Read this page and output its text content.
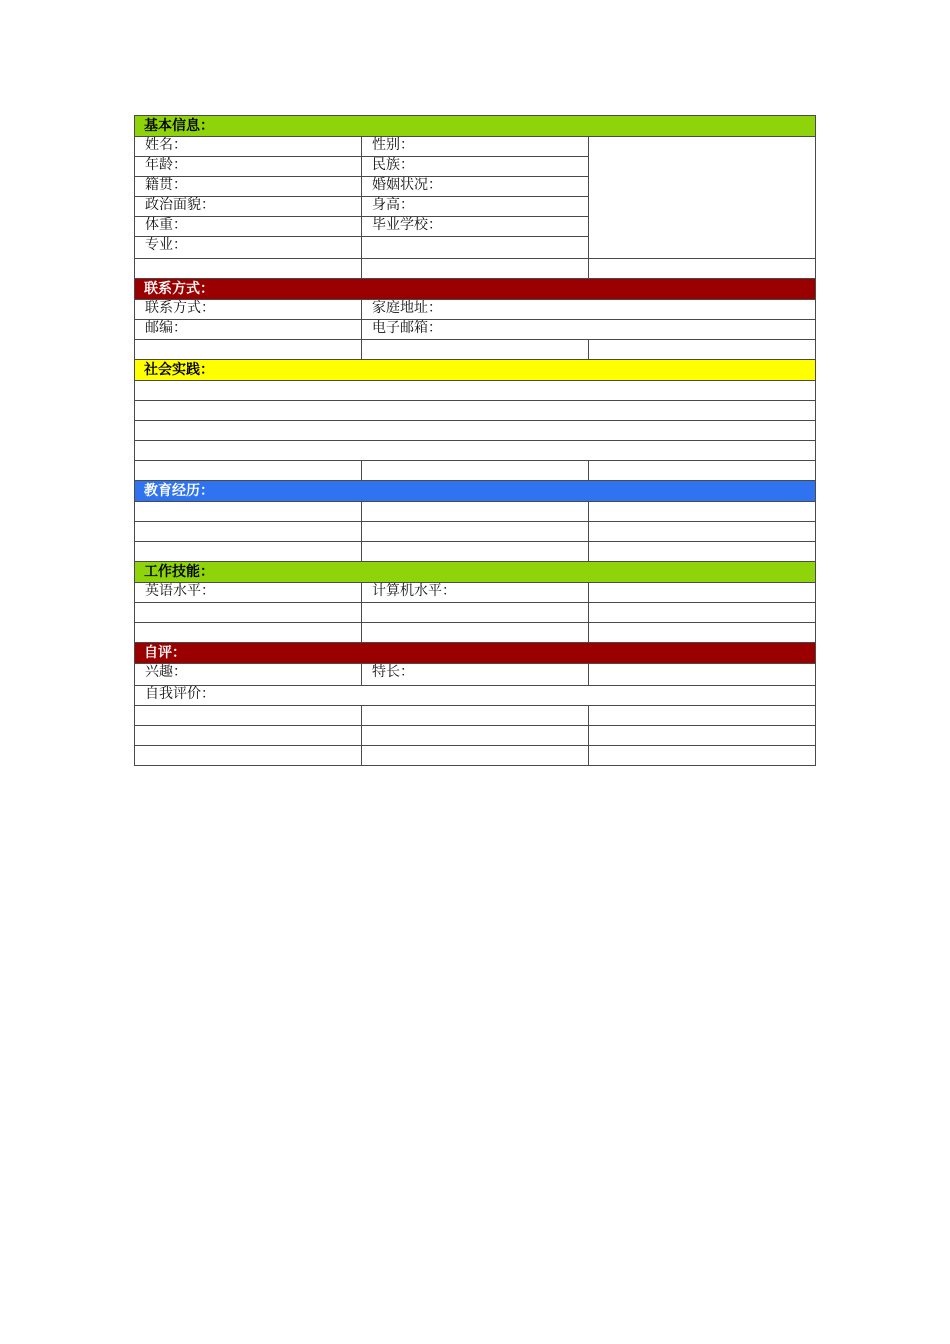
基本信息：		
姓名：	性别：	
年龄：	民族：	
籍贯：	婚姻状况：	
政治面貌：	身高：	
体重：	毕业学校：	
专业：		

联系方式：		
联系方式：	家庭地址：	
邮编：	电子邮箱：	

社会实践：		

教育经历：		

工作技能：		
英语水平：	计算机水平：	

自评：		
兴趣：	特长：	
自我评价：		
